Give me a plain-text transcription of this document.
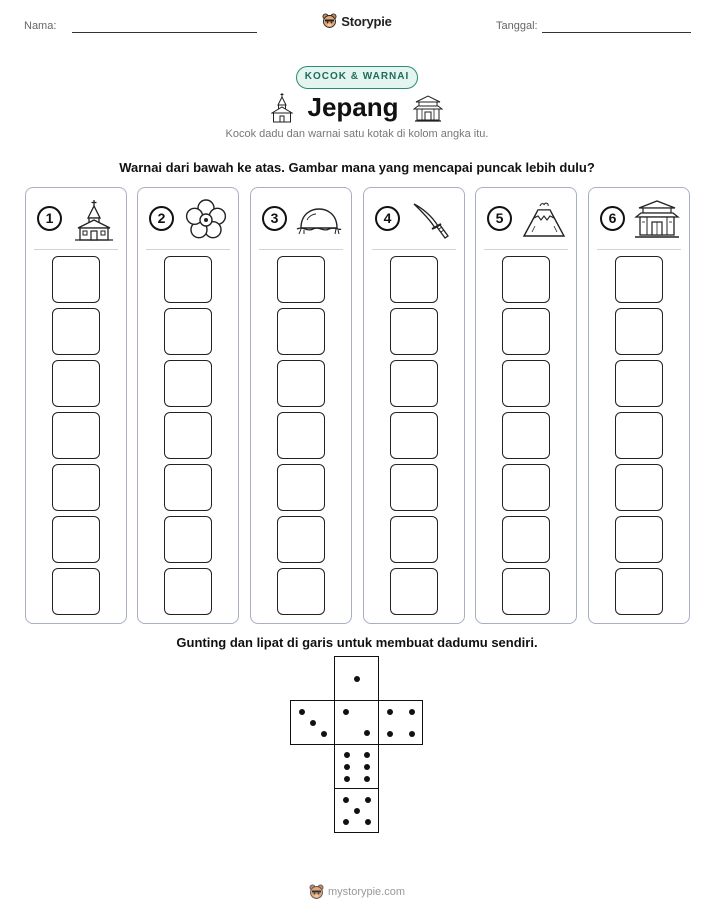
Nama:	Storypie	Tanggal:
KOCOK & WARNAI
Jepang
Kocok dadu dan warnai satu kotak di kolom angka itu.
Warnai dari bawah ke atas. Gambar mana yang mencapai puncak lebih dulu?
1	2	3	4	5	6
Gunting dan lipat di garis untuk membuat dadumu sendiri.
mystorypie.com
